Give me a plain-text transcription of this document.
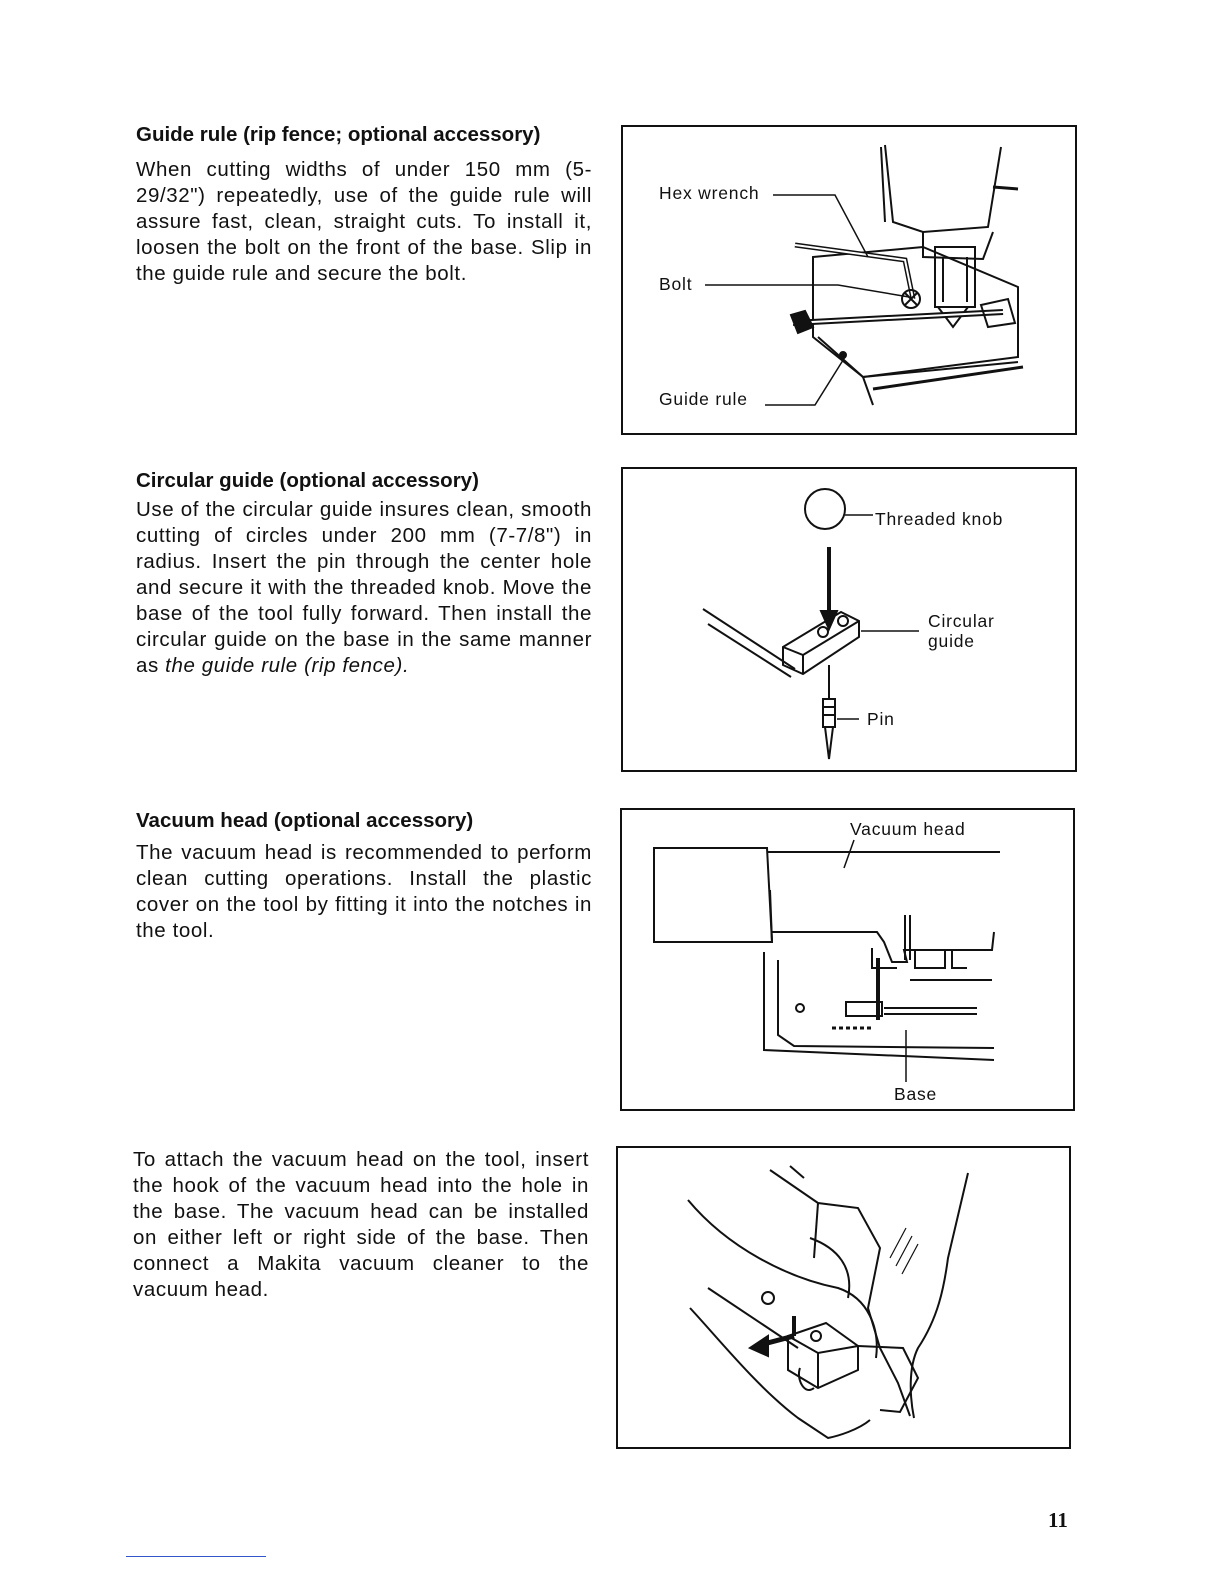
Guide rule (rip fence; optional accessory)

When cutting widths of under 150 mm (5-29/32") repeatedly, use of the guide rule will assure fast, clean, straight cuts. To install it, loosen the bolt on the front of the base. Slip in the guide rule and secure the bolt.

Hex wrench
Bolt
Guide rule
Circular guide (optional accessory)

Use of the circular guide insures clean, smooth cutting of circles under 200 mm (7-7/8") in radius. Insert the pin through the center hole and secure it with the threaded knob. Move the base of the tool fully forward. Then install the circular guide on the base in the same manner as the guide rule (rip fence).

Threaded knob
Circular
guide
Pin
Vacuum head (optional accessory)

The vacuum head is recommended to perform clean cutting operations. Install the plastic cover on the tool by fitting it into the notches in the tool.

Vacuum head
Base

To attach the vacuum head on the tool, insert the hook of the vacuum head into the hole in the base. The vacuum head can be installed on either left or right side of the base. Then connect a Makita vacuum cleaner to the vacuum head.

11
